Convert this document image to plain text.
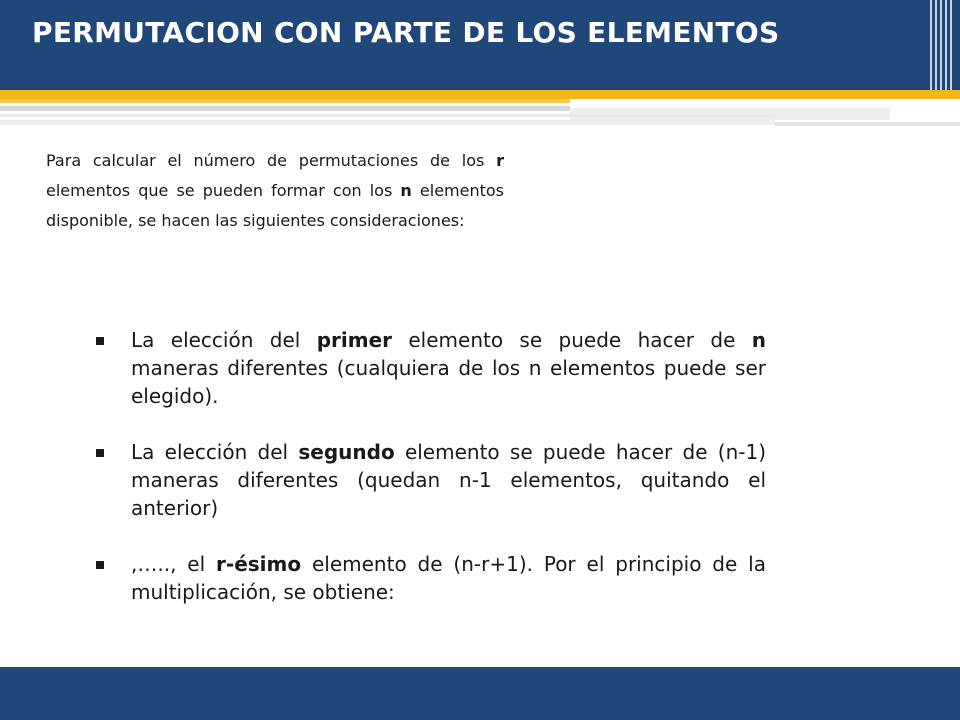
PERMUTACION CON PARTE DE LOS ELEMENTOS
Para calcular el número de permutaciones de los r elementos que se pueden formar con los n elementos disponible, se hacen las siguientes consideraciones:
La elección del primer elemento se puede hacer de n maneras diferentes (cualquiera de los n elementos puede ser elegido).
La elección del segundo elemento se puede hacer de (n-1) maneras diferentes (quedan n-1 elementos, quitando el anterior)
,….., el r-ésimo elemento de (n-r+1). Por el principio de la multiplicación, se obtiene:
